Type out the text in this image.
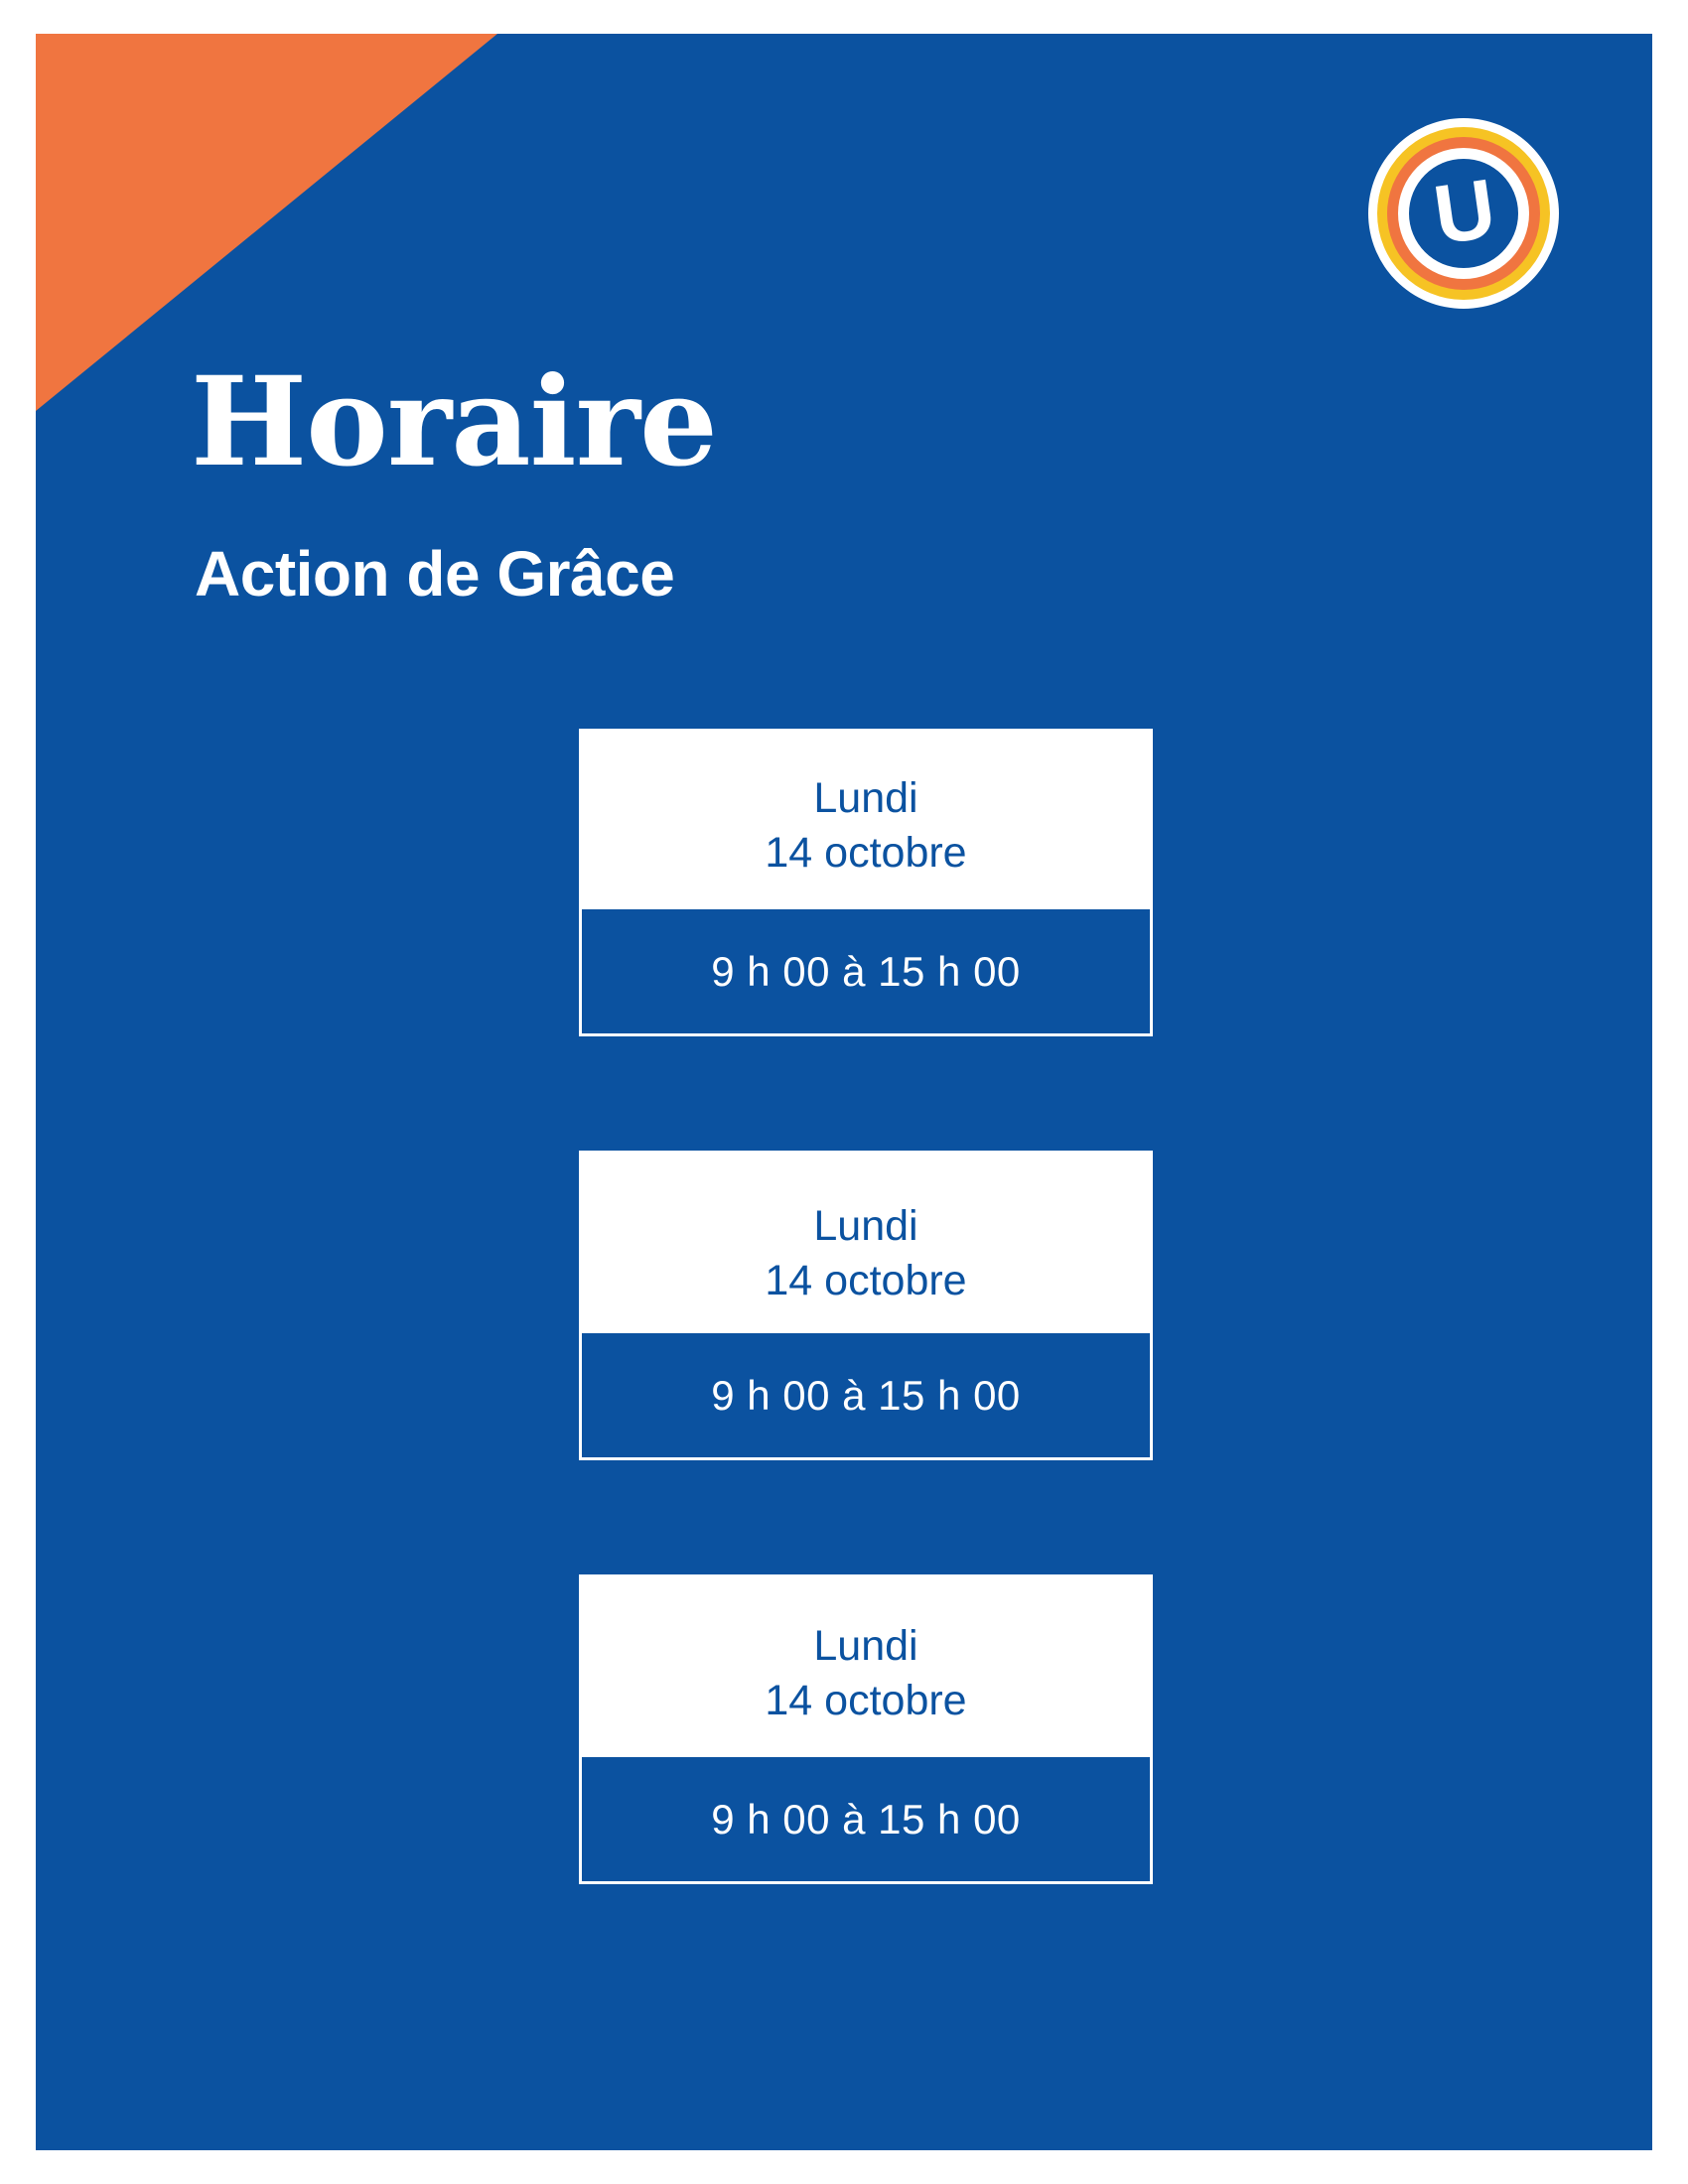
U
Horaire
Action de Grâce
Lundi
14 octobre
9 h 00 à 15 h 00
Lundi
14 octobre
9 h 00 à 15 h 00
Lundi
14 octobre
9 h 00 à 15 h 00
